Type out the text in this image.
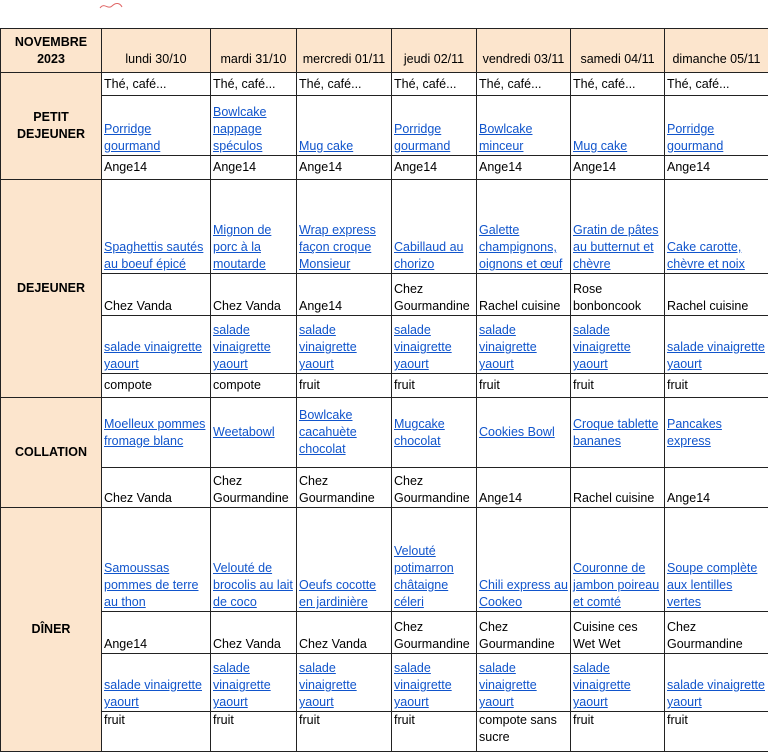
NOVEMBRE 2023	lundi 30/10	mardi 31/10	mercredi 01/11	jeudi 02/11	vendredi 03/11	samedi 04/11	dimanche 05/11
PETIT DEJEUNER	Thé, café...	Thé, café...	Thé, café...	Thé, café...	Thé, café...	Thé, café...	Thé, café...

	Porridge gourmand	Bowlcake nappage spéculos	Mug cake	Porridge gourmand	Bowlcake minceur	Mug cake	Porridge gourmand

	Ange14	Ange14	Ange14	Ange14	Ange14	Ange14	Ange14

DEJEUNER	Spaghettis sautés au boeuf épicé	Mignon de porc à la moutarde	Wrap express façon croque Monsieur	Cabillaud au chorizo	Galette champignons, oignons et œuf	Gratin de pâtes au butternut et chèvre	Cake carotte, chèvre et noix

	Chez Vanda	Chez Vanda	Ange14	Chez Gourmandine	Rachel cuisine	Rose bonboncook	Rachel cuisine

	salade vinaigrette yaourt	salade vinaigrette yaourt	salade vinaigrette yaourt	salade vinaigrette yaourt	salade vinaigrette yaourt	salade vinaigrette yaourt	salade vinaigrette yaourt

	compote	compote	fruit	fruit	fruit	fruit	fruit

COLLATION	Moelleux pommes fromage blanc	Weetabowl	Bowlcake cacahuète chocolat	Mugcake chocolat	Cookies Bowl	Croque tablette bananes	Pancakes express

	Chez Vanda	Chez Gourmandine	Chez Gourmandine	Chez Gourmandine	Ange14	Rachel cuisine	Ange14

DÎNER	Samoussas pommes de terre au thon	Velouté de brocolis au lait de coco	Oeufs cocotte en jardinière	Velouté potimarron châtaigne céleri	Chili express au Cookeo	Couronne de jambon poireau et comté	Soupe complète aux lentilles vertes

	Ange14	Chez Vanda	Chez Vanda	Chez Gourmandine	Chez Gourmandine	Cuisine ces Wet Wet	Chez Gourmandine

	salade vinaigrette yaourt	salade vinaigrette yaourt	salade vinaigrette yaourt	salade vinaigrette yaourt	salade vinaigrette yaourt	salade vinaigrette yaourt	salade vinaigrette yaourt

	fruit	fruit	fruit	fruit	compote sans sucre	fruit	fruit
